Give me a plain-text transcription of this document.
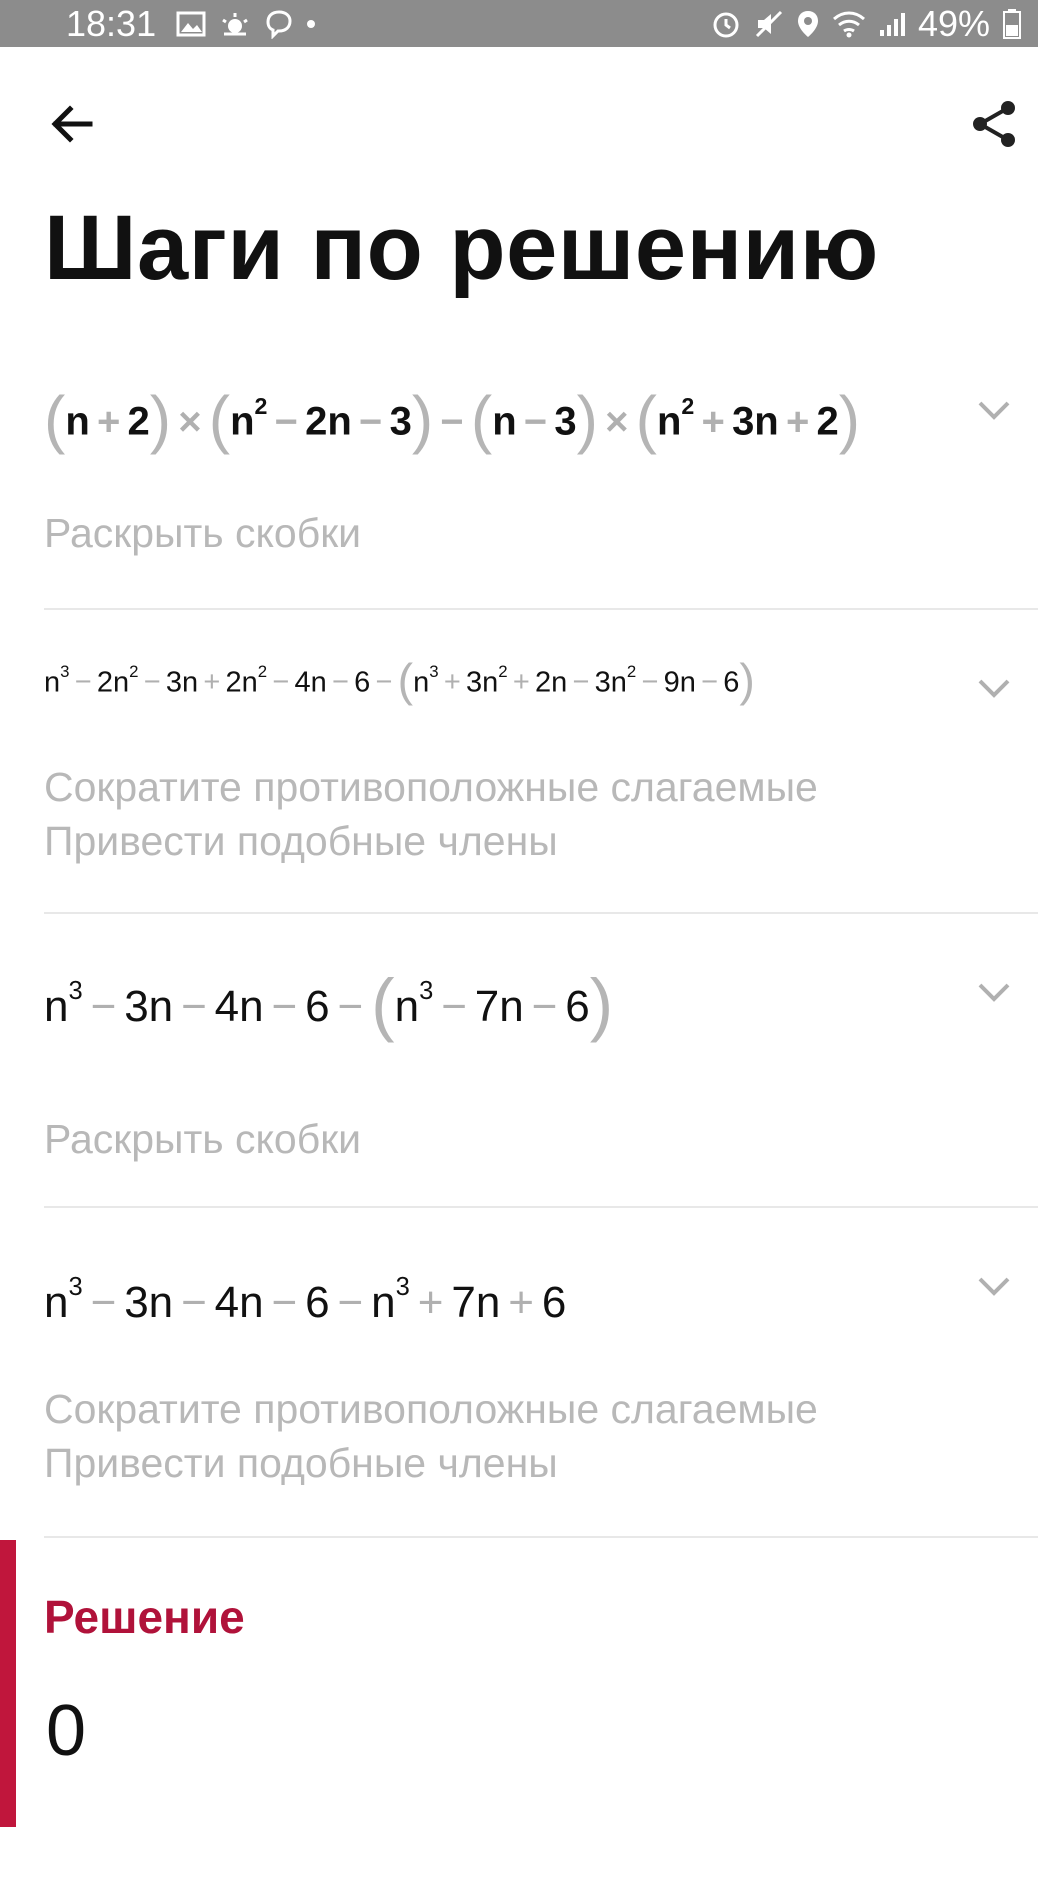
18:31	49%
Шаги по решению
$(n + 2) \times (n^2 - 2n - 3) - (n - 3) \times (n^2 + 3n + 2)$
Раскрыть скобки
$n^3 - 2n^2 - 3n + 2n^2 - 4n - 6 - (n^3 + 3n^2 + 2n - 3n^2 - 9n - 6)$
Сократите противоположные слагаемые
Привести подобные члены
$n^3 - 3n - 4n - 6 - (n^3 - 7n - 6)$
Раскрыть скобки
$n^3 - 3n - 4n - 6 - n^3 + 7n + 6$
Сократите противоположные слагаемые
Привести подобные члены
Решение
0
